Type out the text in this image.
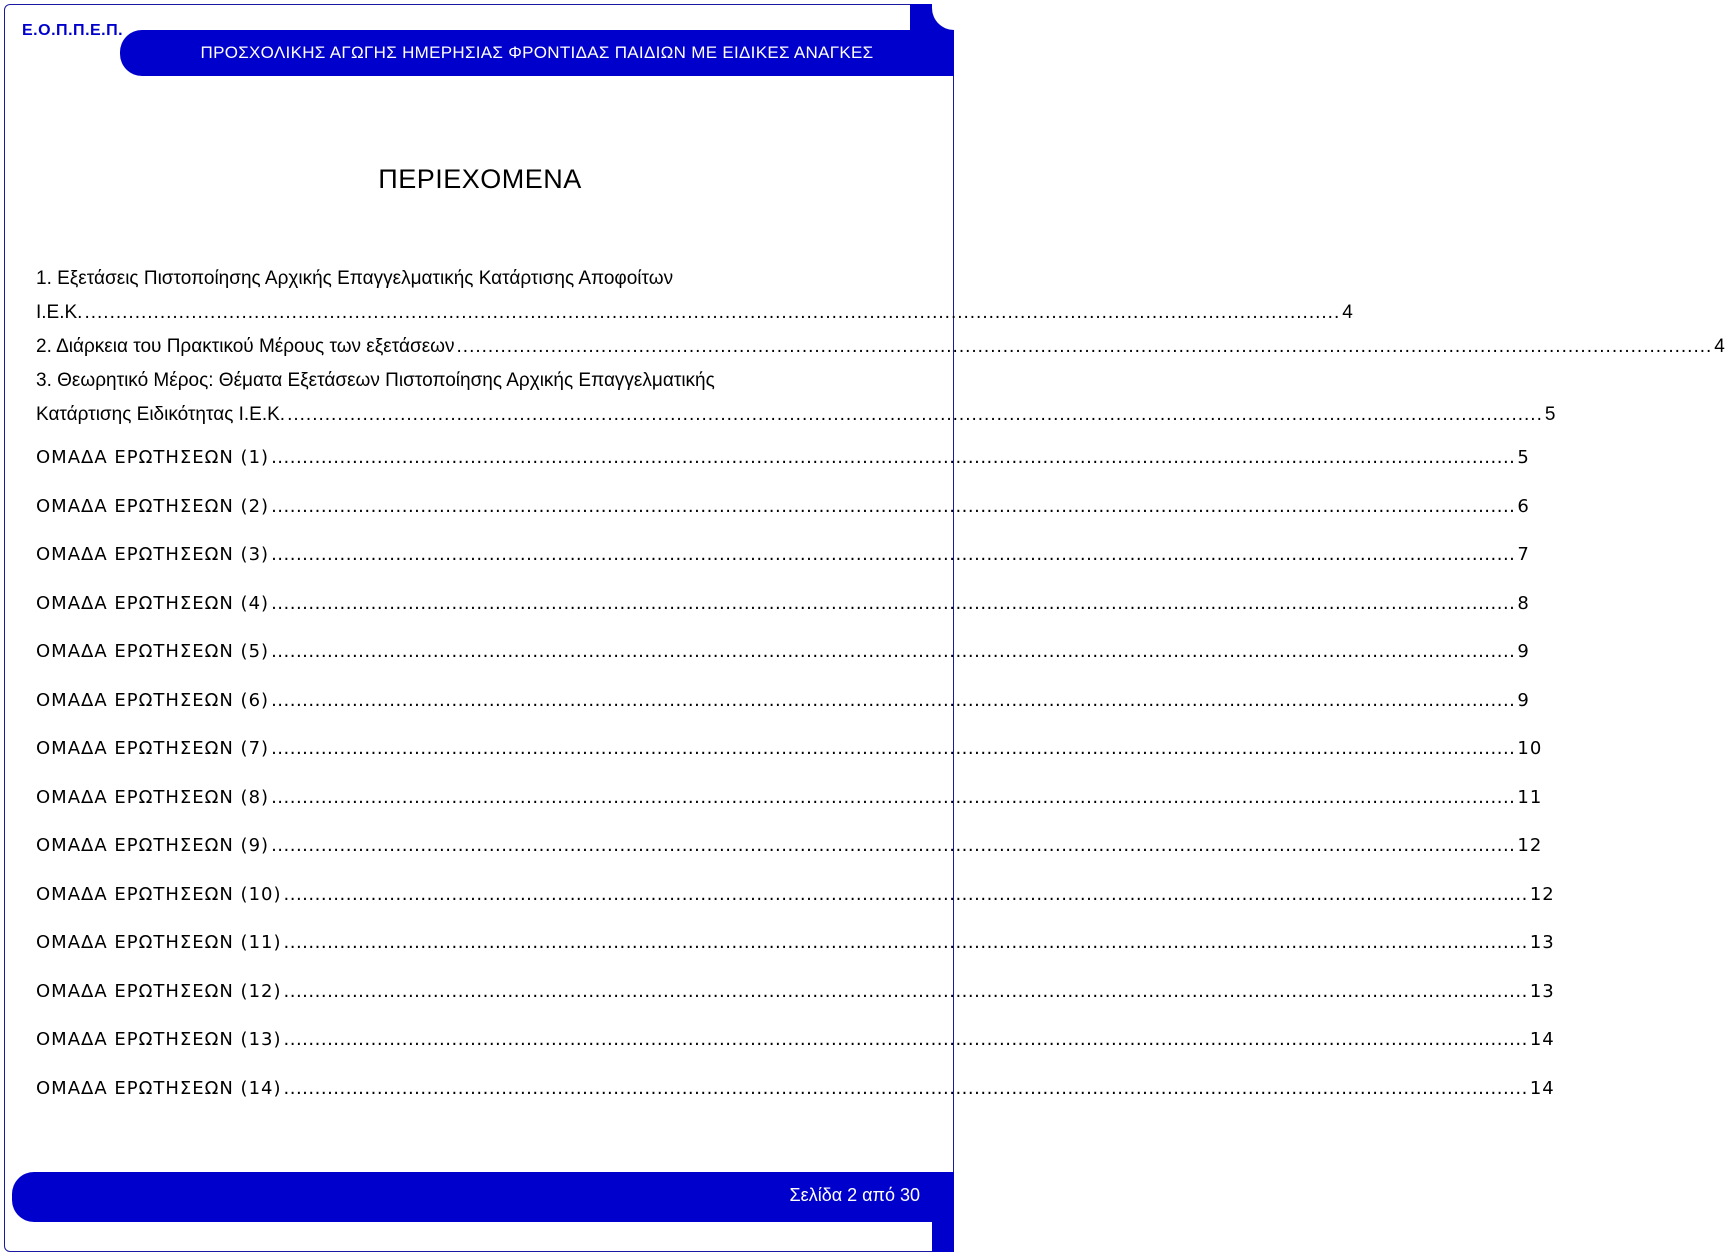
Ε.Ο.Π.Π.Ε.Π.
ΠΡΟΣΧΟΛΙΚΗΣ ΑΓΩΓΗΣ ΗΜΕΡΗΣΙΑΣ ΦΡΟΝΤΙΔΑΣ ΠΑΙΔΙΩΝ ΜΕ ΕΙΔΙΚΕΣ ΑΝΑΓΚΕΣ
ΠΕΡΙΕΧΟΜΕΝΑ
1. Εξετάσεις Πιστοποίησης Αρχικής Επαγγελματικής Κατάρτισης Αποφοίτων
Ι.Ε.Κ. ........................................................................................................................................................................................................ 4
2. Διάρκεια του Πρακτικού Μέρους των εξετάσεων ........................................................................................................................................................................................................ 4
3. Θεωρητικό Μέρος: Θέματα Εξετάσεων Πιστοποίησης Αρχικής Επαγγελματικής
Κατάρτισης Ειδικότητας Ι.Ε.Κ. ........................................................................................................................................................................................................ 5
ΟΜΑΔΑ ΕΡΩΤΗΣΕΩΝ (1) ........................................................................................................................................................................................................ 5
ΟΜΑΔΑ ΕΡΩΤΗΣΕΩΝ (2) ........................................................................................................................................................................................................ 6
ΟΜΑΔΑ ΕΡΩΤΗΣΕΩΝ (3) ........................................................................................................................................................................................................ 7
ΟΜΑΔΑ ΕΡΩΤΗΣΕΩΝ (4) ........................................................................................................................................................................................................ 8
ΟΜΑΔΑ ΕΡΩΤΗΣΕΩΝ (5) ........................................................................................................................................................................................................ 9
ΟΜΑΔΑ ΕΡΩΤΗΣΕΩΝ (6) ........................................................................................................................................................................................................ 9
ΟΜΑΔΑ ΕΡΩΤΗΣΕΩΝ (7) ........................................................................................................................................................................................................ 10
ΟΜΑΔΑ ΕΡΩΤΗΣΕΩΝ (8) ........................................................................................................................................................................................................ 11
ΟΜΑΔΑ ΕΡΩΤΗΣΕΩΝ (9) ........................................................................................................................................................................................................ 12
ΟΜΑΔΑ ΕΡΩΤΗΣΕΩΝ (10) ........................................................................................................................................................................................................ 12
ΟΜΑΔΑ ΕΡΩΤΗΣΕΩΝ (11) ........................................................................................................................................................................................................ 13
ΟΜΑΔΑ ΕΡΩΤΗΣΕΩΝ (12) ........................................................................................................................................................................................................ 13
ΟΜΑΔΑ ΕΡΩΤΗΣΕΩΝ (13) ........................................................................................................................................................................................................ 14
ΟΜΑΔΑ ΕΡΩΤΗΣΕΩΝ (14) ........................................................................................................................................................................................................ 14
Σελίδα 2 από 30
